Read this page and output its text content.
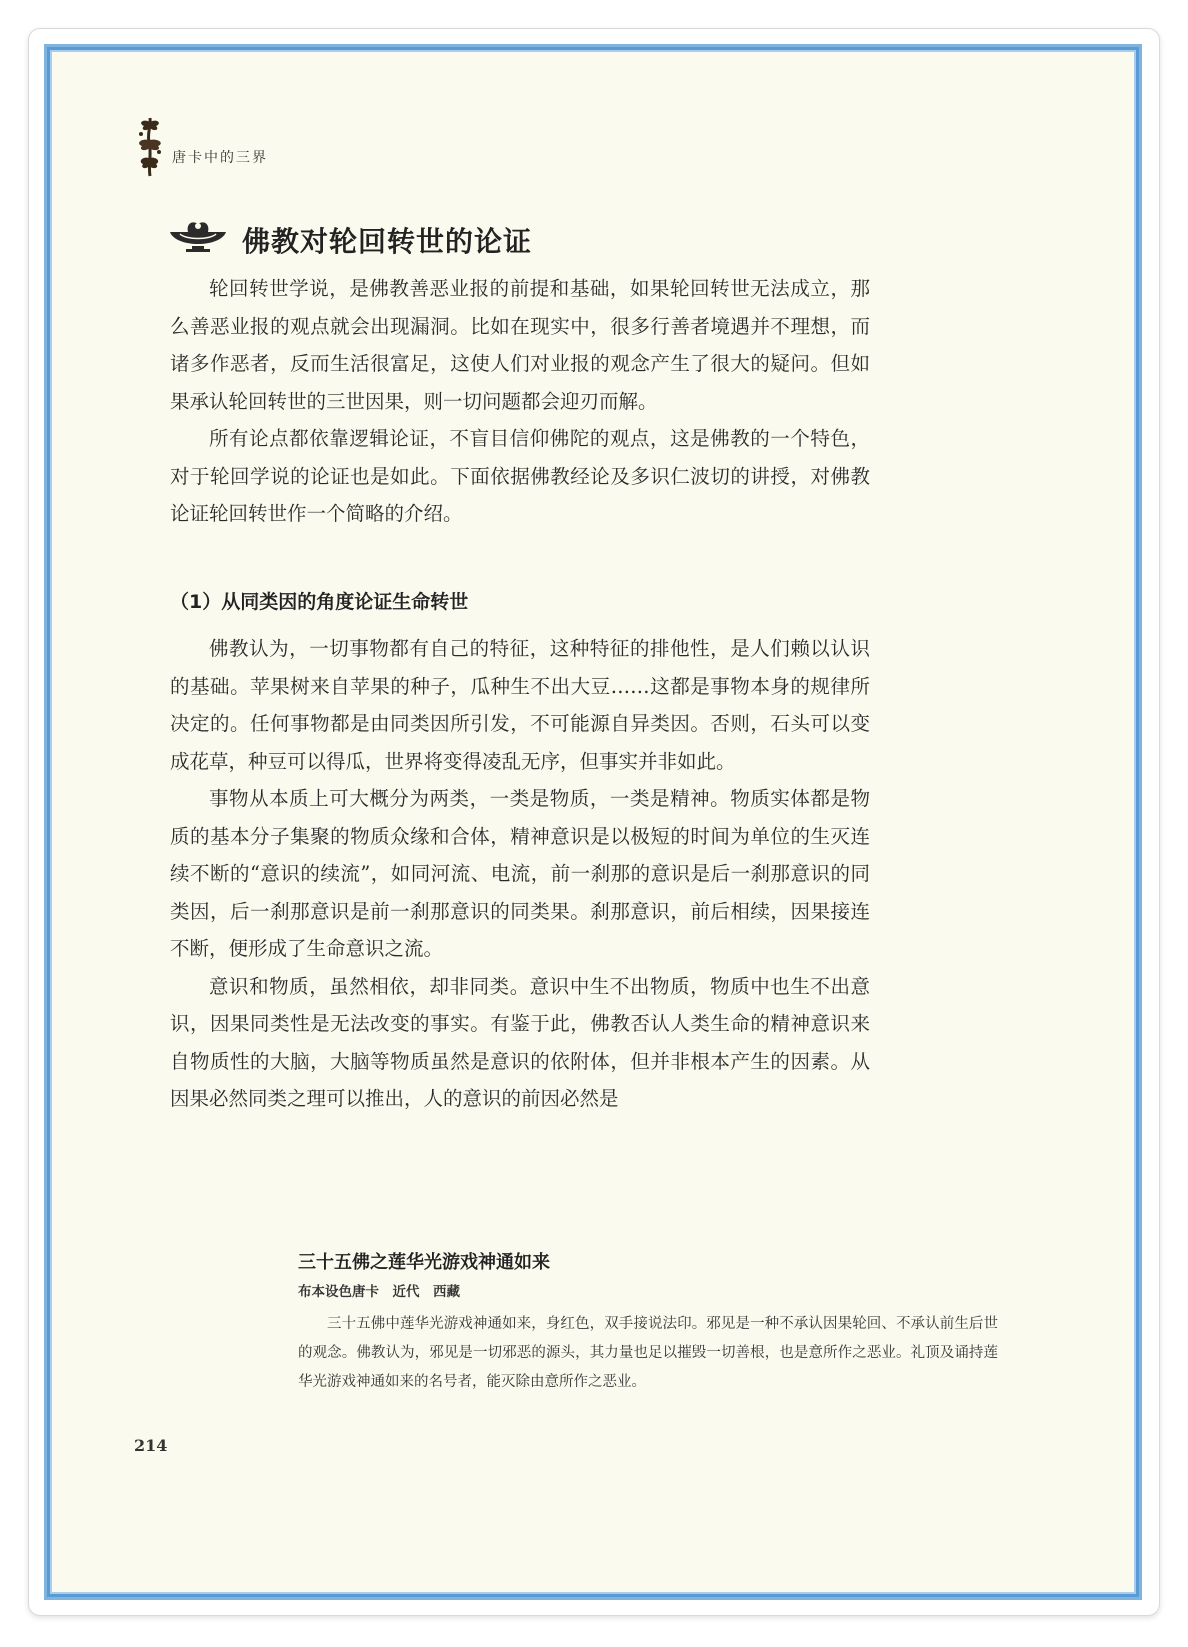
唐卡中的三界
佛教对轮回转世的论证

轮回转世学说，是佛教善恶业报的前提和基础，如果轮回转世无法成立，那么善恶业报的观点就会出现漏洞。比如在现实中，很多行善者境遇并不理想，而诸多作恶者，反而生活很富足，这使人们对业报的观念产生了很大的疑问。但如果承认轮回转世的三世因果，则一切问题都会迎刃而解。

所有论点都依靠逻辑论证，不盲目信仰佛陀的观点，这是佛教的一个特色，对于轮回学说的论证也是如此。下面依据佛教经论及多识仁波切的讲授，对佛教论证轮回转世作一个简略的介绍。

（1）从同类因的角度论证生命转世

佛教认为，一切事物都有自己的特征，这种特征的排他性，是人们赖以认识的基础。苹果树来自苹果的种子，瓜种生不出大豆……这都是事物本身的规律所决定的。任何事物都是由同类因所引发，不可能源自异类因。否则，石头可以变成花草，种豆可以得瓜，世界将变得凌乱无序，但事实并非如此。

事物从本质上可大概分为两类，一类是物质，一类是精神。物质实体都是物质的基本分子集聚的物质众缘和合体，精神意识是以极短的时间为单位的生灭连续不断的“意识的续流”，如同河流、电流，前一刹那的意识是后一刹那意识的同类因，后一刹那意识是前一刹那意识的同类果。刹那意识，前后相续，因果接连不断，便形成了生命意识之流。

意识和物质，虽然相依，却非同类。意识中生不出物质，物质中也生不出意识，因果同类性是无法改变的事实。有鉴于此，佛教否认人类生命的精神意识来自物质性的大脑，大脑等物质虽然是意识的依附体，但并非根本产生的因素。从因果必然同类之理可以推出，人的意识的前因必然是

三十五佛之莲华光游戏神通如来
布本设色唐卡　近代　西藏
三十五佛中莲华光游戏神通如来，身红色，双手接说法印。邪见是一种不承认因果轮回、不承认前生后世的观念。佛教认为，邪见是一切邪恶的源头，其力量也足以摧毁一切善根，也是意所作之恶业。礼顶及诵持莲华光游戏神通如来的名号者，能灭除由意所作之恶业。
214
